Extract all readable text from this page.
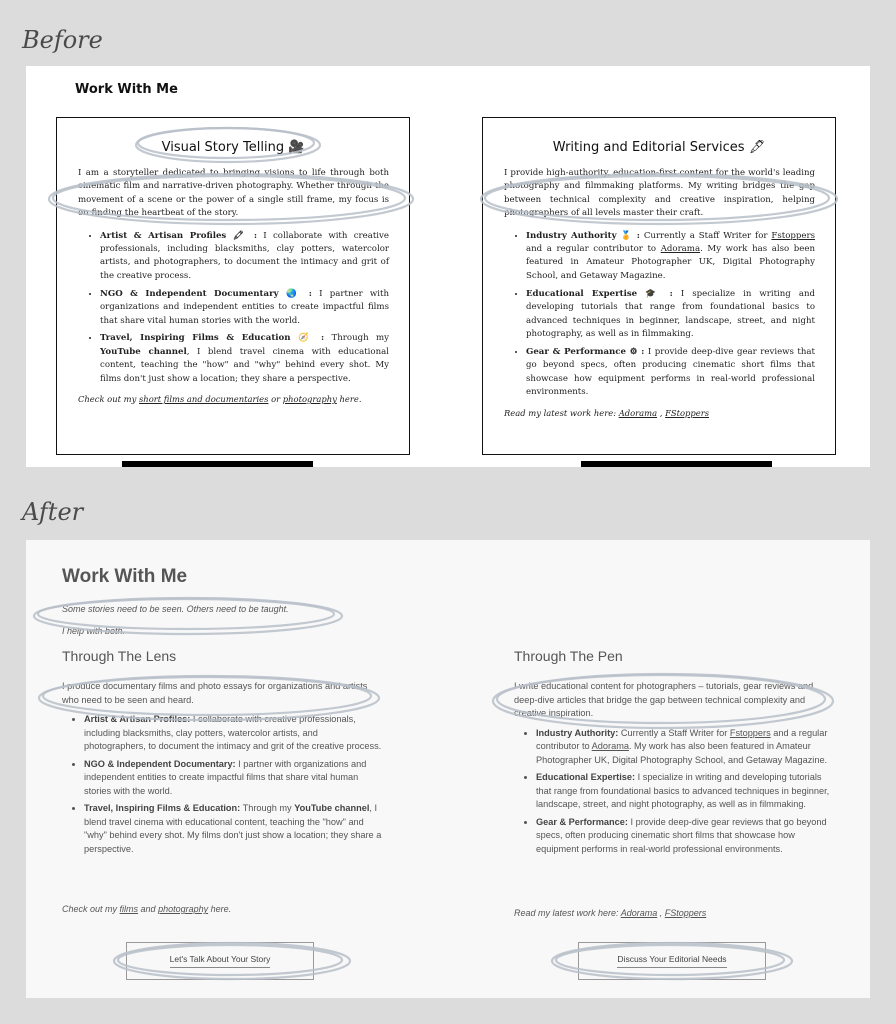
Before
Work With Me
Visual Story Telling 🎥

I am a storyteller dedicated to bringing visions to life through both cinematic film and narrative-driven photography. Whether through the movement of a scene or the power of a single still frame, my focus is on finding the heartbeat of the story.

• Artist & Artisan Profiles 🖍 : I collaborate with creative professionals, including blacksmiths, clay potters, watercolor artists, and photographers, to document the intimacy and grit of the creative process.
• NGO & Independent Documentary 🌏 : I partner with organizations and independent entities to create impactful films that share vital human stories with the world.
• Travel, Inspiring Films & Education 🧭 : Through my YouTube channel, I blend travel cinema with educational content, teaching the "how" and "why" behind every shot. My films don't just show a location; they share a perspective.

Check out my short films and documentaries or photography here.

Writing and Editorial Services 🖋

I provide high-authority, education-first content for the world's leading photography and filmmaking platforms. My writing bridges the gap between technical complexity and creative inspiration, helping photographers of all levels master their craft.

• Industry Authority 🏅 : Currently a Staff Writer for Fstoppers and a regular contributor to Adorama. My work has also been featured in Amateur Photographer UK, Digital Photography School, and Getaway Magazine.
• Educational Expertise 🎓 : I specialize in writing and developing tutorials that range from foundational basics to advanced techniques in beginner, landscape, street, and night photography, as well as in filmmaking.
• Gear & Performance ⚙ : I provide deep-dive gear reviews that go beyond specs, often producing cinematic short films that showcase how equipment performs in real-world professional environments.

Read my latest work here: Adorama , FStoppers

After
Work With Me
Some stories need to be seen. Others need to be taught.
I help with both.
Through The Lens

I produce documentary films and photo essays for organizations and artists who need to be seen and heard.

• Artist & Artisan Profiles: I collaborate with creative professionals, including blacksmiths, clay potters, watercolor artists, and photographers, to document the intimacy and grit of the creative process.
• NGO & Independent Documentary: I partner with organizations and independent entities to create impactful films that share vital human stories with the world.
• Travel, Inspiring Films & Education: Through my YouTube channel, I blend travel cinema with educational content, teaching the "how" and "why" behind every shot. My films don't just show a location; they share a perspective.

Check out my films and photography here.

Through The Pen

I write educational content for photographers – tutorials, gear reviews and deep-dive articles that bridge the gap between technical complexity and creative inspiration.

• Industry Authority: Currently a Staff Writer for Fstoppers and a regular contributor to Adorama. My work has also been featured in Amateur Photographer UK, Digital Photography School, and Getaway Magazine.
• Educational Expertise: I specialize in writing and developing tutorials that range from foundational basics to advanced techniques in beginner, landscape, street, and night photography, as well as in filmmaking.
• Gear & Performance: I provide deep-dive gear reviews that go beyond specs, often producing cinematic short films that showcase how equipment performs in real-world professional environments.

Read my latest work here: Adorama , FStoppers

Let's Talk About Your Story	Discuss Your Editorial Needs
